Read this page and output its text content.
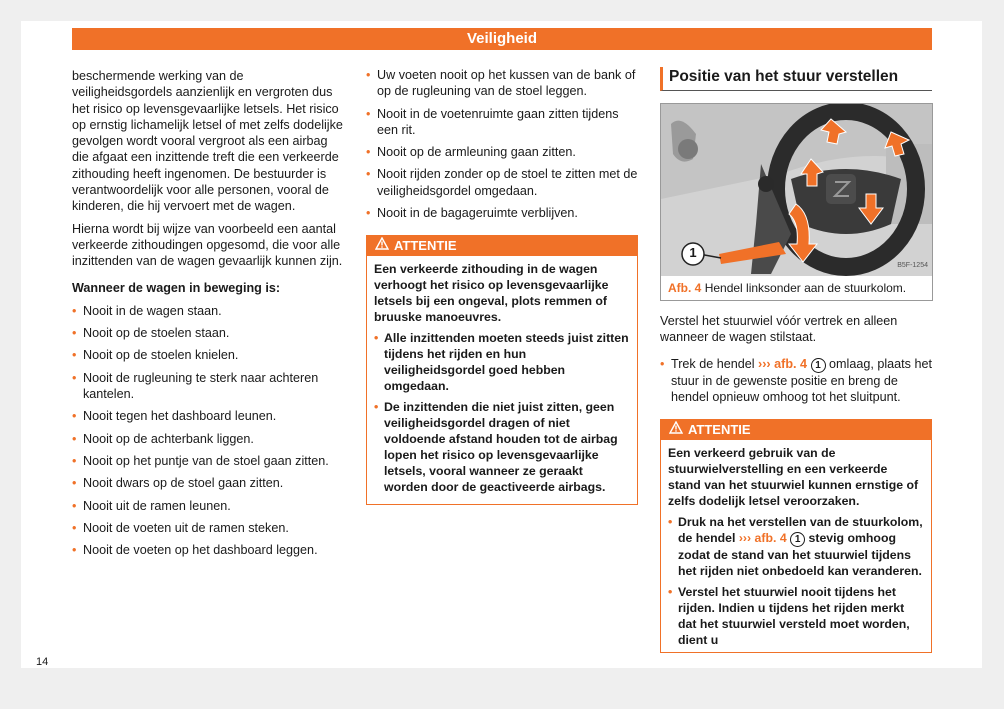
Veiligheid

beschermende werking van de veiligheidsgordels aanzienlijk en vergroten dus het risico op levensgevaarlijke letsels. Het risico op ernstig lichamelijk letsel of met zelfs dodelijke gevolgen wordt vooral vergroot als een airbag die afgaat een inzittende treft die een verkeerde zithouding heeft ingenomen. De bestuurder is verantwoordelijk voor alle personen, vooral de kinderen, die hij vervoert met de wagen.

Hierna wordt bij wijze van voorbeeld een aantal verkeerde zithoudingen opgesomd, die voor alle inzittenden van de wagen gevaarlijk kunnen zijn.

Wanneer de wagen in beweging is:
• Nooit in de wagen staan.
• Nooit op de stoelen staan.
• Nooit op de stoelen knielen.
• Nooit de rugleuning te sterk naar achteren kantelen.
• Nooit tegen het dashboard leunen.
• Nooit op de achterbank liggen.
• Nooit op het puntje van de stoel gaan zitten.
• Nooit dwars op de stoel gaan zitten.
• Nooit uit de ramen leunen.
• Nooit de voeten uit de ramen steken.
• Nooit de voeten op het dashboard leggen.
• Uw voeten nooit op het kussen van de bank of op de rugleuning van de stoel leggen.
• Nooit in de voetenruimte gaan zitten tijdens een rit.
• Nooit op de armleuning gaan zitten.
• Nooit rijden zonder op de stoel te zitten met de veiligheidsgordel omgedaan.
• Nooit in de bagageruimte verblijven.
ATTENTIE

Een verkeerde zithouding in de wagen verhoogt het risico op levensgevaarlijke letsels bij een ongeval, plots remmen of bruuske manoeuvres.

• Alle inzittenden moeten steeds juist zitten tijdens het rijden en hun veiligheidsgordel goed hebben omgedaan.
• De inzittenden die niet juist zitten, geen veiligheidsgordel dragen of niet voldoende afstand houden tot de airbag lopen het risico op levensgevaarlijke letsels, vooral wanneer ze geraakt worden door de geactiveerde airbags.
Positie van het stuur verstellen
1
B5F-1254
Afb. 4 Hendel linksonder aan de stuurkolom.

Verstel het stuurwiel vóór vertrek en alleen wanneer de wagen stilstaat.

• Trek de hendel ››› afb. 4 1 omlaag, plaats het stuur in de gewenste positie en breng de hendel opnieuw omhoog tot het sluitpunt.
ATTENTIE

Een verkeerd gebruik van de stuurwielverstelling en een verkeerde stand van het stuurwiel kunnen ernstige of zelfs dodelijk letsel veroorzaken.

• Druk na het verstellen van de stuurkolom, de hendel ››› afb. 4 1 stevig omhoog zodat de stand van het stuurwiel tijdens het rijden niet onbedoeld kan veranderen.
• Verstel het stuurwiel nooit tijdens het rijden. Indien u tijdens het rijden merkt dat het stuurwiel versteld moet worden, dient u
14
